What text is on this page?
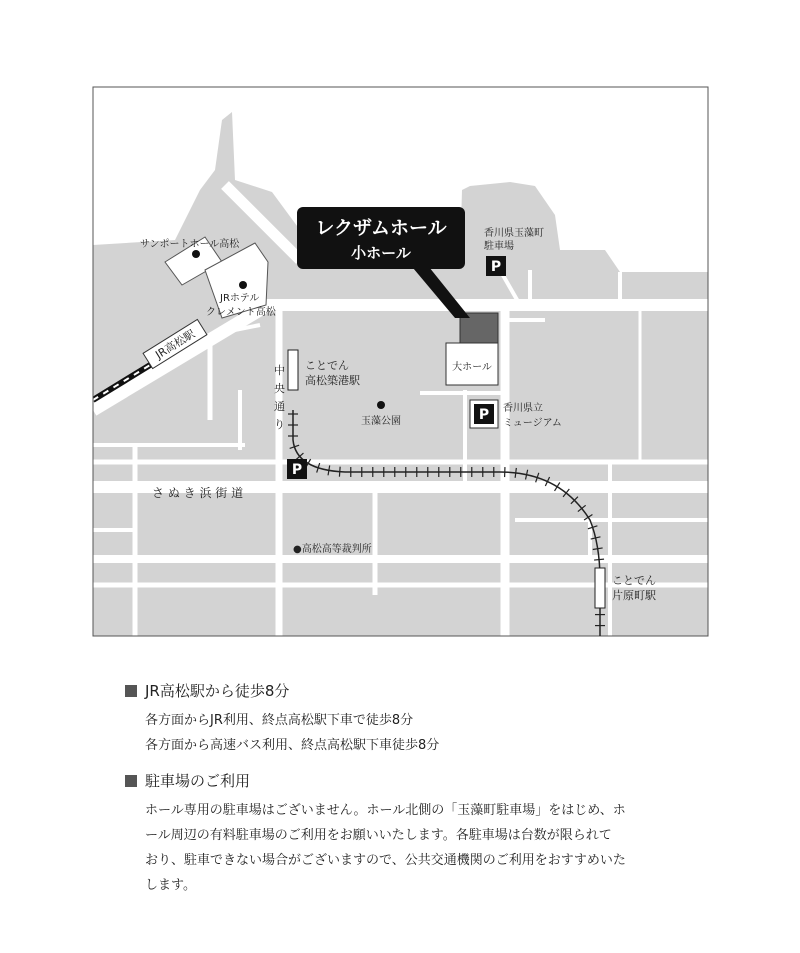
JR高松駅
大ホール
レクザムホール
小ホール
サンポートホール高松
JRホテル
クレメント高松
ことでん
高松築港駅
中
央
通
り	玉藻公園
香川県玉藻町
駐車場
香川県立
ミュージアム
さ ぬ き 浜 街 道
●高松高等裁判所
ことでん
片原町駅
P
P
P
JR高松駅から徒歩8分
各方面からJR利用、終点高松駅下車で徒歩8分
各方面から高速バス利用、終点高松駅下車徒歩8分
駐車場のご利用
ホール専用の駐車場はございません。ホール北側の「玉藻町駐車場」をはじめ、ホ
ール周辺の有料駐車場のご利用をお願いいたします。各駐車場は台数が限られて
おり、駐車できない場合がございますので、公共交通機関のご利用をおすすめいた
します。
